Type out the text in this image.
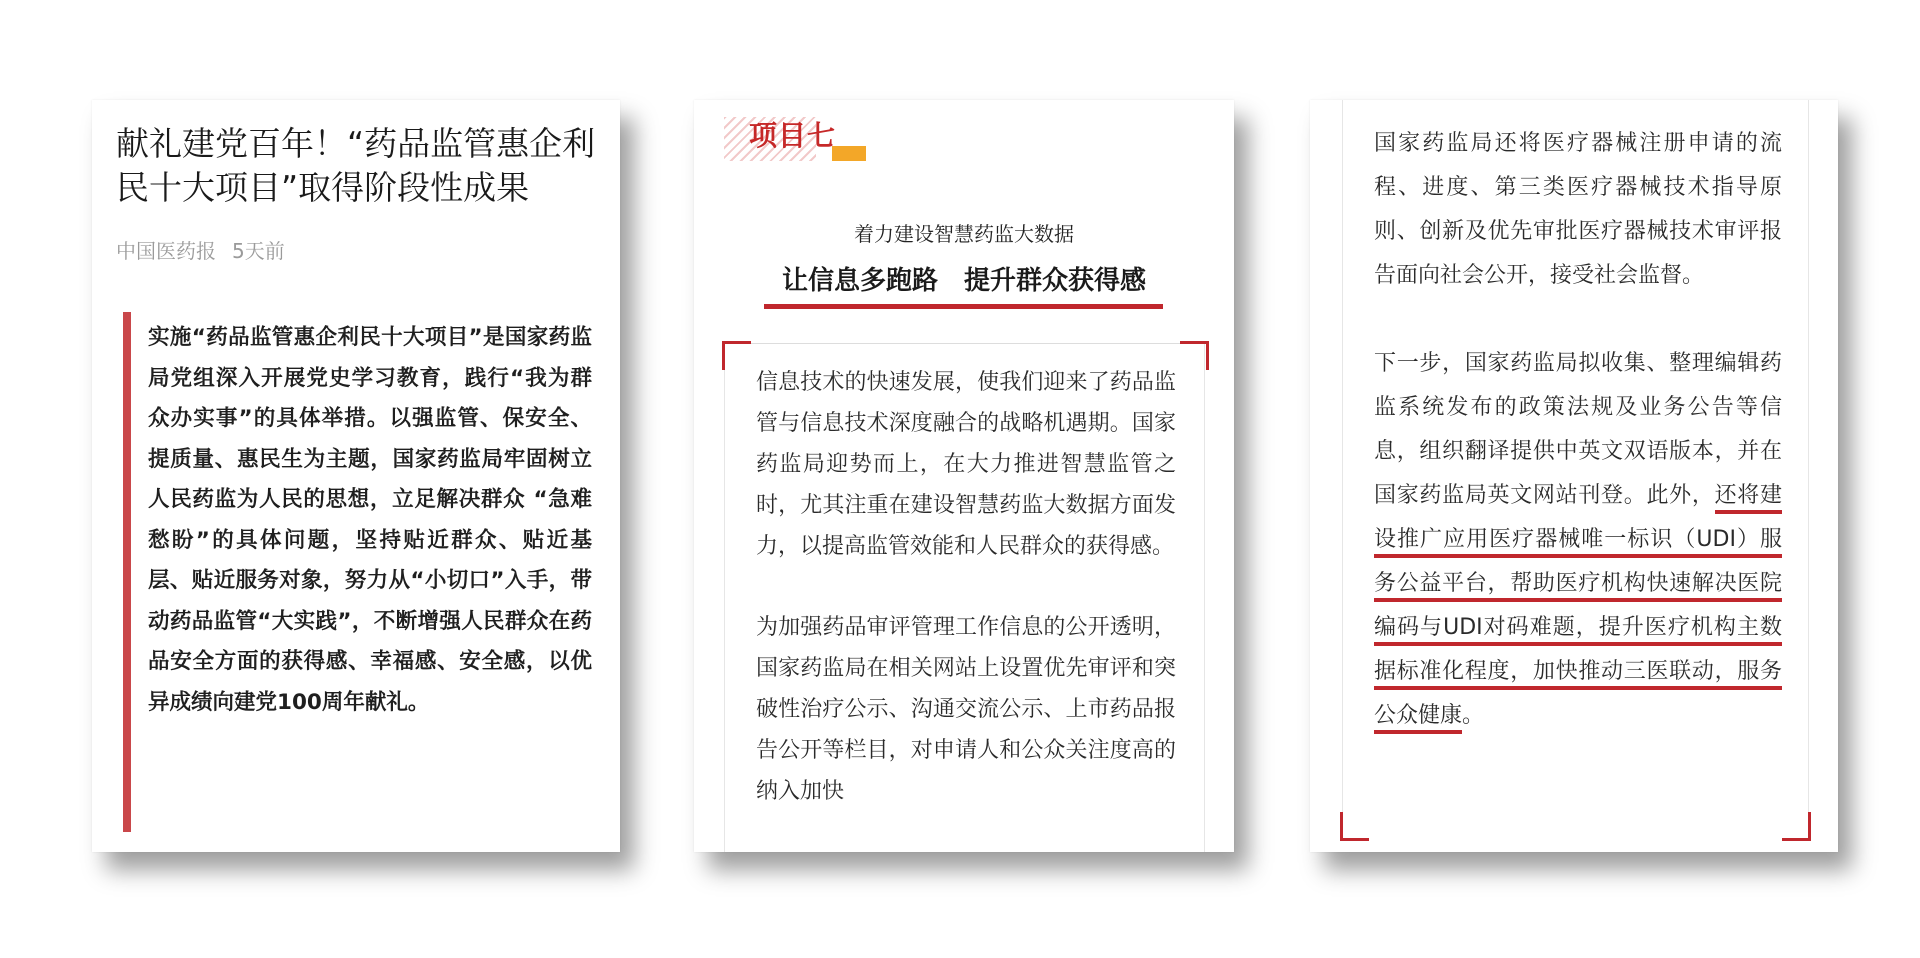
献礼建党百年！“药品监管惠企利民十大项目”取得阶段性成果
中国医药报 5天前
实施“药品监管惠企利民十大项目”是国家药监局党组深入开展党史学习教育，践行“我为群众办实事”的具体举措。以强监管、保安全、提质量、惠民生为主题，国家药监局牢固树立人民药监为人民的思想，立足解决群众 “急难愁盼”的具体问题，坚持贴近群众、贴近基层、贴近服务对象，努力从“小切口”入手，带动药品监管“大实践”，不断增强人民群众在药品安全方面的获得感、幸福感、安全感，以优异成绩向建党100周年献礼。
项目七
着力建设智慧药监大数据
让信息多跑路　提升群众获得感

信息技术的快速发展，使我们迎来了药品监管与信息技术深度融合的战略机遇期。国家药监局迎势而上，在大力推进智慧监管之时，尤其注重在建设智慧药监大数据方面发力，以提高监管效能和人民群众的获得感。

为加强药品审评管理工作信息的公开透明，国家药监局在相关网站上设置优先审评和突破性治疗公示、沟通交流公示、上市药品报告公开等栏目，对申请人和公众关注度高的纳入加快

国家药监局还将医疗器械注册申请的流程、进度、第三类医疗器械技术指导原则、创新及优先审批医疗器械技术审评报告面向社会公开，接受社会监督。

下一步，国家药监局拟收集、整理编辑药监系统发布的政策法规及业务公告等信息，组织翻译提供中英文双语版本，并在国家药监局英文网站刊登。此外，还将建设推广应用医疗器械唯一标识（UDI）服务公益平台，帮助医疗机构快速解决医院编码与UDI对码难题，提升医疗机构主数据标准化程度，加快推动三医联动，服务公众健康。
